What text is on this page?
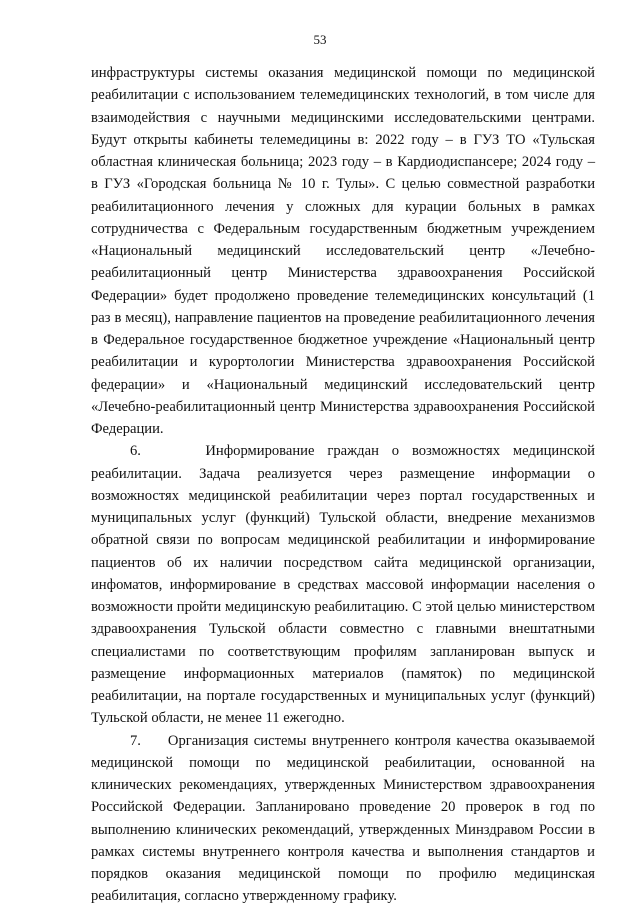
53

инфраструктуры системы оказания медицинской помощи по медицинской реабилитации с использованием телемедицинских технологий, в том числе для взаимодействия с научными медицинскими исследовательскими центрами. Будут открыты кабинеты телемедицины в: 2022 году – в ГУЗ ТО «Тульская областная клиническая больница; 2023 году – в Кардиодиспансере; 2024 году – в ГУЗ «Городская больница № 10 г. Тулы». С целью совместной разработки реабилитационного лечения у сложных для курации больных в рамках сотрудничества с Федеральным государственным бюджетным учреждением «Национальный медицинский исследовательский центр «Лечебно-реабилитационный центр Министерства здравоохранения Российской Федерации» будет продолжено проведение телемедицинских консультаций (1 раз в месяц), направление пациентов на проведение реабилитационного лечения в Федеральное государственное бюджетное учреждение «Национальный центр реабилитации и курортологии Министерства здравоохранения Российской федерации» и «Национальный медицинский исследовательский центр «Лечебно-реабилитационный центр Министерства здравоохранения Российской Федерации.

6.     Информирование граждан о возможностях медицинской реабилитации. Задача реализуется через размещение информации о возможностях медицинской реабилитации через портал государственных и муниципальных услуг (функций) Тульской области, внедрение механизмов обратной связи по вопросам медицинской реабилитации и информирование пациентов об их наличии посредством сайта медицинской организации, инфоматов, информирование в средствах массовой информации населения о возможности пройти медицинскую реабилитацию. С этой целью министерством здравоохранения Тульской области совместно с главными внештатными специалистами по соответствующим профилям запланирован выпуск и размещение информационных материалов (памяток) по медицинской реабилитации, на портале государственных и муниципальных услуг (функций) Тульской области, не менее 11 ежегодно.

7.     Организация системы внутреннего контроля качества оказываемой медицинской помощи по медицинской реабилитации, основанной на клинических рекомендациях, утвержденных Министерством здравоохранения Российской Федерации. Запланировано проведение 20 проверок в год по выполнению клинических рекомендаций, утвержденных Минздравом России в рамках системы внутреннего контроля качества и выполнения стандартов и порядков оказания медицинской помощи по профилю медицинская реабилитация, согласно утвержденному графику.
